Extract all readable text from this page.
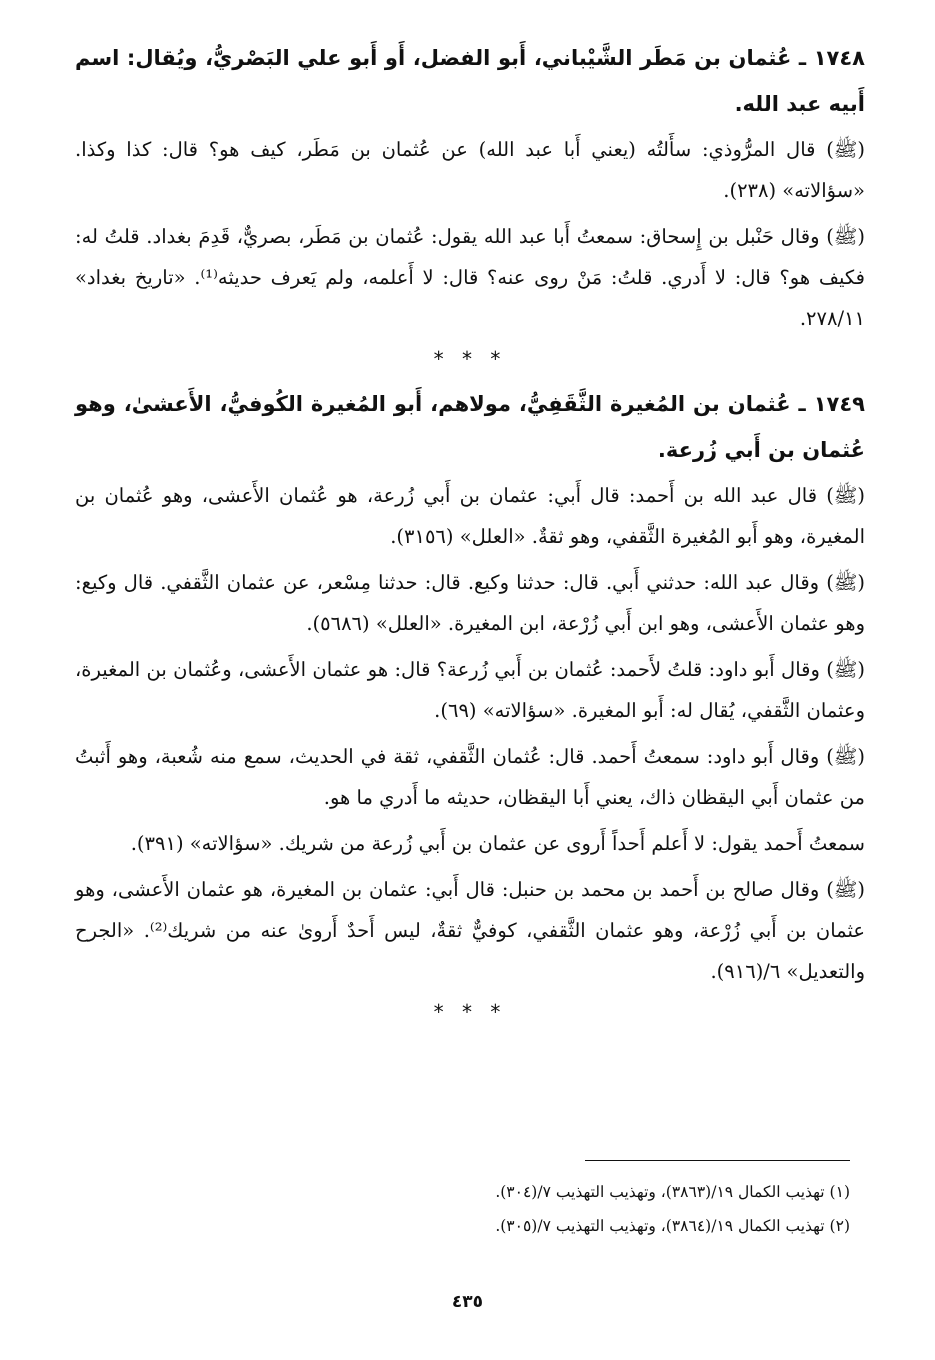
١٧٤٨ ـ عُثمان بن مَطَر الشَّيْباني، أَبو الفضل، أَو أَبو علي البَصْريُّ، ويُقال: اسم أَبيه عبد الله.

(ﷺ) قال المرُّوذي: سأَلتُه (يعني أَبا عبد الله) عن عُثمان بن مَطَر، كيف هو؟ قال: كذا وكذا. «سؤالاته» (٢٣٨).

(ﷺ) وقال حَنْبل بن إِسحاق: سمعتُ أَبا عبد الله يقول: عُثمان بن مَطَر، بصريٌّ، قَدِمَ بغداد. قلتُ له: فكيف هو؟ قال: لا أَدري. قلتُ: مَنْ روى عنه؟ قال: لا أَعلمه، ولم يَعرف حديثه⁽¹⁾. «تاريخ بغداد» ٢٧٨/١١.

* * *
١٧٤٩ ـ عُثمان بن المُغيرة الثَّقَفِيُّ، مولاهم، أَبو المُغيرة الكُوفيُّ، الأَعشىٰ، وهو عُثمان بن أَبي زُرعة.

(ﷺ) قال عبد الله بن أَحمد: قال أَبي: عثمان بن أَبي زُرعة، هو عُثمان الأَعشى، وهو عُثمان بن المغيرة، وهو أَبو المُغيرة الثَّقفي، وهو ثقةٌ. «العلل» (٣١٥٦).

(ﷺ) وقال عبد الله: حدثني أَبي. قال: حدثنا وكيع. قال: حدثنا مِسْعر، عن عثمان الثَّقفي. قال وكيع: وهو عثمان الأَعشى، وهو ابن أَبي زُرْعة، ابن المغيرة. «العلل» (٥٦٨٦).

(ﷺ) وقال أَبو داود: قلتُ لأَحمد: عُثمان بن أَبي زُرعة؟ قال: هو عثمان الأَعشى، وعُثمان بن المغيرة، وعثمان الثَّقفي، يُقال له: أَبو المغيرة. «سؤالاته» (٦٩).

(ﷺ) وقال أَبو داود: سمعتُ أَحمد. قال: عُثمان الثَّقفي، ثقة في الحديث، سمع منه شُعبة، وهو أَثبتُ من عثمان أَبي اليقظان ذاك، يعني أَبا اليقظان، حديثه ما أَدري ما هو.

سمعتُ أَحمد يقول: لا أَعلم أَحداً أَروى عن عثمان بن أَبي زُرعة من شريك. «سؤالاته» (٣٩١).

(ﷺ) وقال صالح بن أَحمد بن محمد بن حنبل: قال أَبي: عثمان بن المغيرة، هو عثمان الأَعشى، وهو عثمان بن أَبي زُرْعة، وهو عثمان الثَّقفي، كوفيٌّ ثقةٌ، ليس أَحدٌ أَروىٰ عنه من شريك⁽²⁾. «الجرح والتعديل» ٦/(٩١٦).

* * *

(١) تهذيب الكمال ١٩/(٣٨٦٣)، وتهذيب التهذيب ٧/(٣٠٤).

(٢) تهذيب الكمال ١٩/(٣٨٦٤)، وتهذيب التهذيب ٧/(٣٠٥).

٤٣٥
